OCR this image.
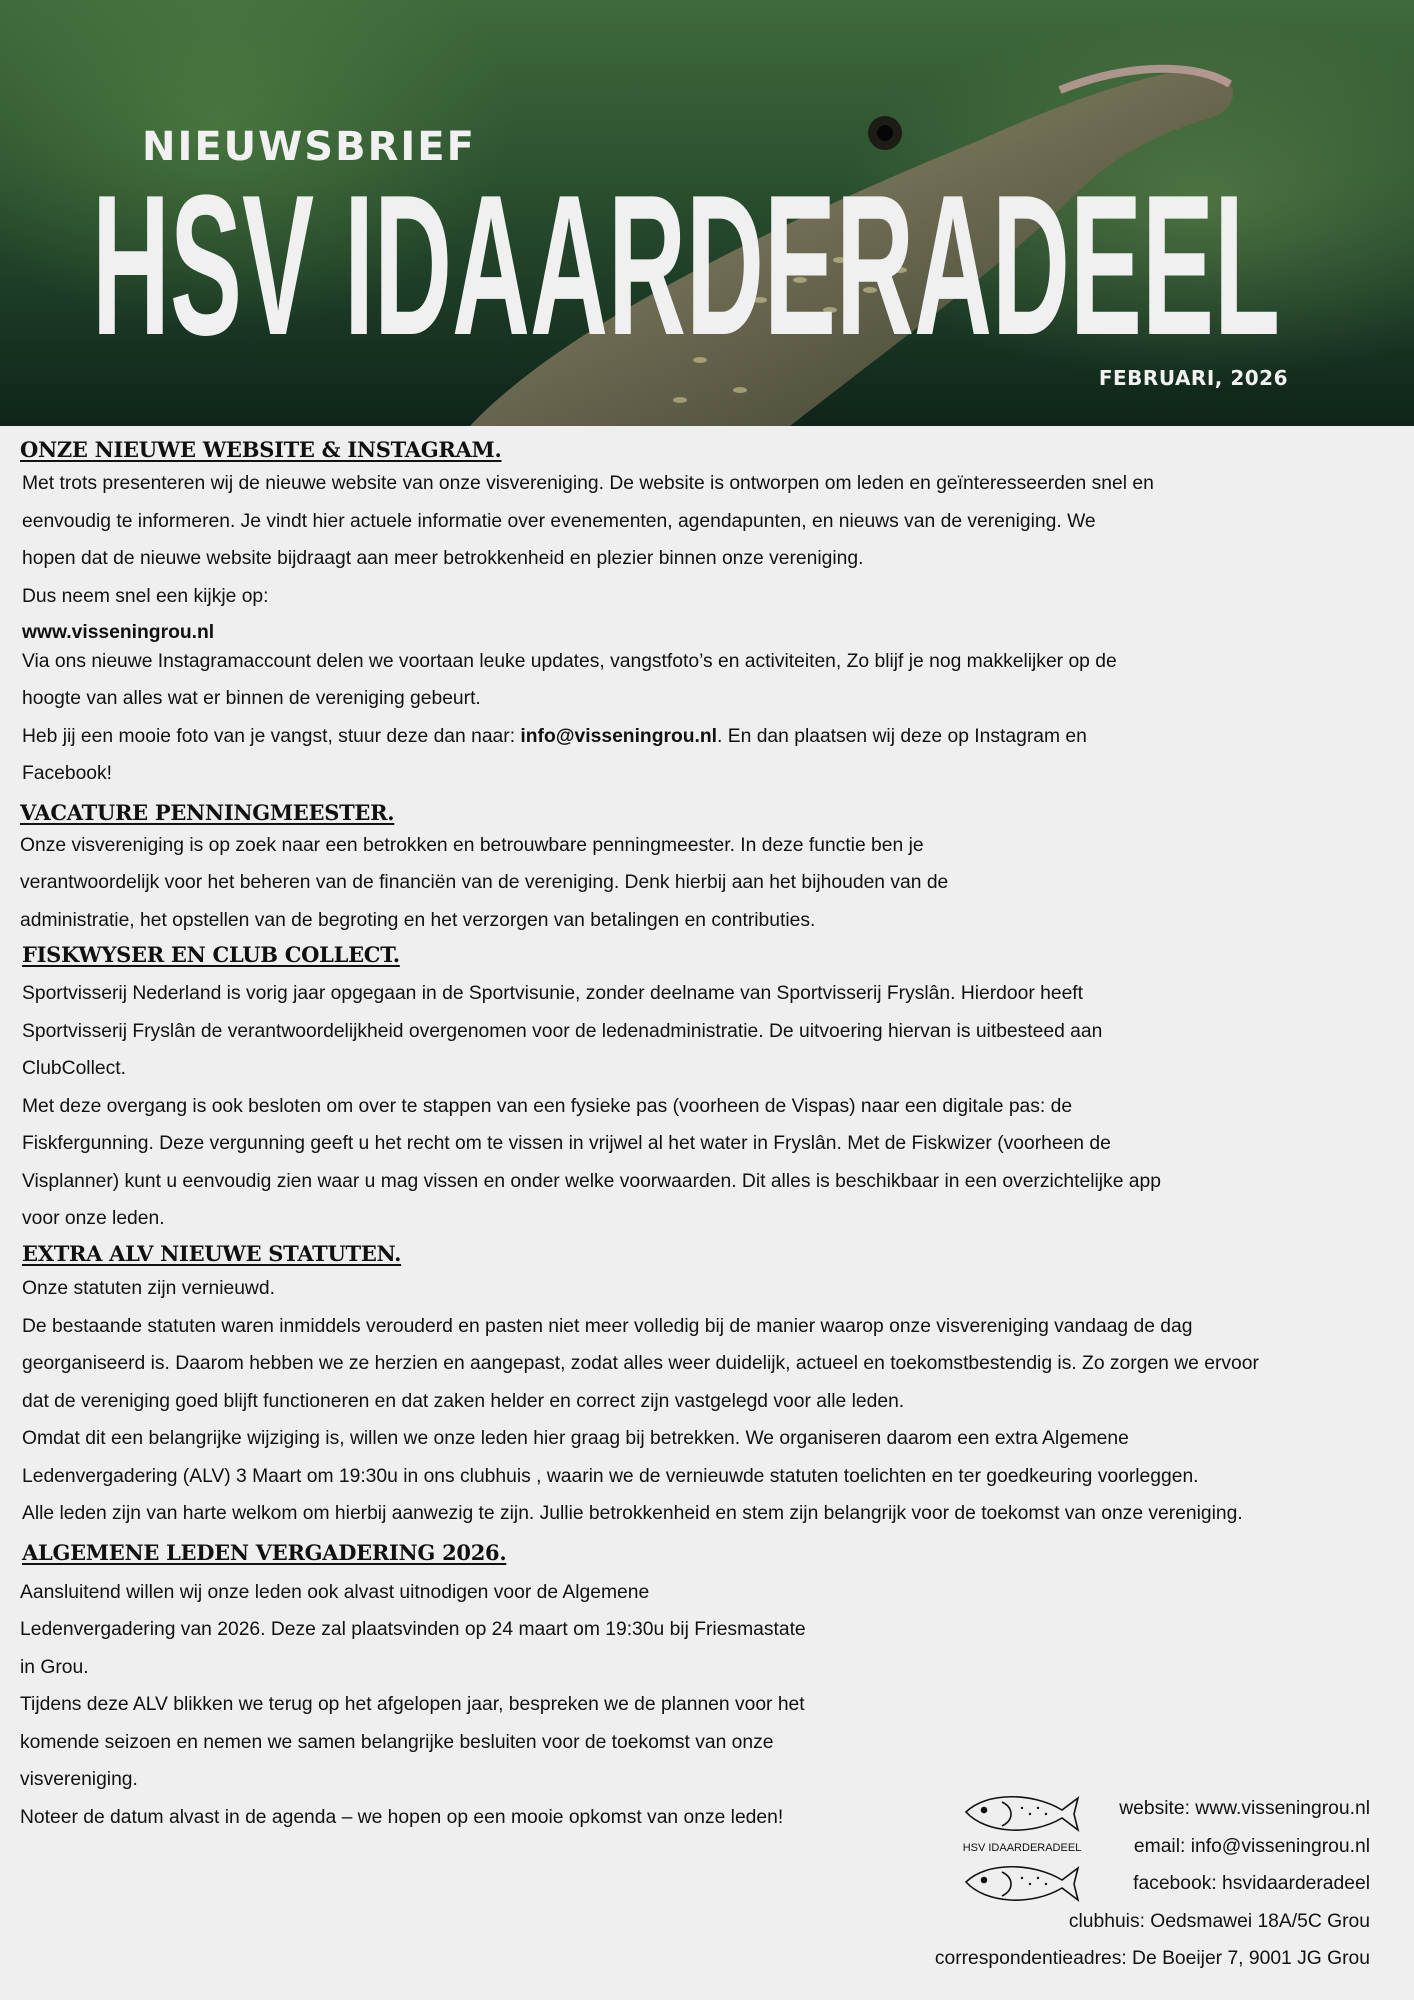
NIEUWSBRIEF
HSV IDAARDERADEEL
FEBRUARI, 2026
ONZE NIEUWE WEBSITE & INSTAGRAM.
Met trots presenteren wij de nieuwe website van onze visvereniging. De website is ontworpen om leden en geïnteresseerden snel en
eenvoudig te informeren. Je vindt hier actuele informatie over evenementen, agendapunten, en nieuws van de vereniging. We
hopen dat de nieuwe website bijdraagt aan meer betrokkenheid en plezier binnen onze vereniging.
Dus neem snel een kijkje op:
www.visseningrou.nl
Via ons nieuwe Instagramaccount delen we voortaan leuke updates, vangstfoto’s en activiteiten, Zo blijf je nog makkelijker op de
hoogte van alles wat er binnen de vereniging gebeurt.
Heb jij een mooie foto van je vangst, stuur deze dan naar: info@visseningrou.nl. En dan plaatsen wij deze op Instagram en
Facebook!
VACATURE PENNINGMEESTER.
Onze visvereniging is op zoek naar een betrokken en betrouwbare penningmeester. In deze functie ben je
verantwoordelijk voor het beheren van de financiën van de vereniging. Denk hierbij aan het bijhouden van de
administratie, het opstellen van de begroting en het verzorgen van betalingen en contributies.
FISKWYSER EN CLUB COLLECT.
Sportvisserij Nederland is vorig jaar opgegaan in de Sportvisunie, zonder deelname van Sportvisserij Fryslân. Hierdoor heeft
Sportvisserij Fryslân de verantwoordelijkheid overgenomen voor de ledenadministratie. De uitvoering hiervan is uitbesteed aan
ClubCollect.
Met deze overgang is ook besloten om over te stappen van een fysieke pas (voorheen de Vispas) naar een digitale pas: de
Fiskfergunning. Deze vergunning geeft u het recht om te vissen in vrijwel al het water in Fryslân. Met de Fiskwizer (voorheen de
Visplanner) kunt u eenvoudig zien waar u mag vissen en onder welke voorwaarden. Dit alles is beschikbaar in een overzichtelijke app
voor onze leden.
EXTRA ALV NIEUWE STATUTEN.
Onze statuten zijn vernieuwd.
De bestaande statuten waren inmiddels verouderd en pasten niet meer volledig bij de manier waarop onze visvereniging vandaag de dag
georganiseerd is. Daarom hebben we ze herzien en aangepast, zodat alles weer duidelijk, actueel en toekomstbestendig is. Zo zorgen we ervoor
dat de vereniging goed blijft functioneren en dat zaken helder en correct zijn vastgelegd voor alle leden.
Omdat dit een belangrijke wijziging is, willen we onze leden hier graag bij betrekken. We organiseren daarom een extra Algemene
Ledenvergadering (ALV) 3 Maart om 19:30u in ons clubhuis , waarin we de vernieuwde statuten toelichten en ter goedkeuring voorleggen.
Alle leden zijn van harte welkom om hierbij aanwezig te zijn. Jullie betrokkenheid en stem zijn belangrijk voor de toekomst van onze vereniging.
ALGEMENE LEDEN VERGADERING 2026.
Aansluitend willen wij onze leden ook alvast uitnodigen voor de Algemene
Ledenvergadering van 2026. Deze zal plaatsvinden op 24 maart om 19:30u bij Friesmastate
in Grou.
Tijdens deze ALV blikken we terug op het afgelopen jaar, bespreken we de plannen voor het
komende seizoen en nemen we samen belangrijke besluiten voor de toekomst van onze
visvereniging.
Noteer de datum alvast in de agenda – we hopen op een mooie opkomst van onze leden!
HSV IDAARDERADEEL
website: www.visseningrou.nl
email: info@visseningrou.nl
facebook: hsvidaarderadeel
clubhuis: Oedsmawei 18A/5C Grou
correspondentieadres: De Boeijer 7, 9001 JG Grou
